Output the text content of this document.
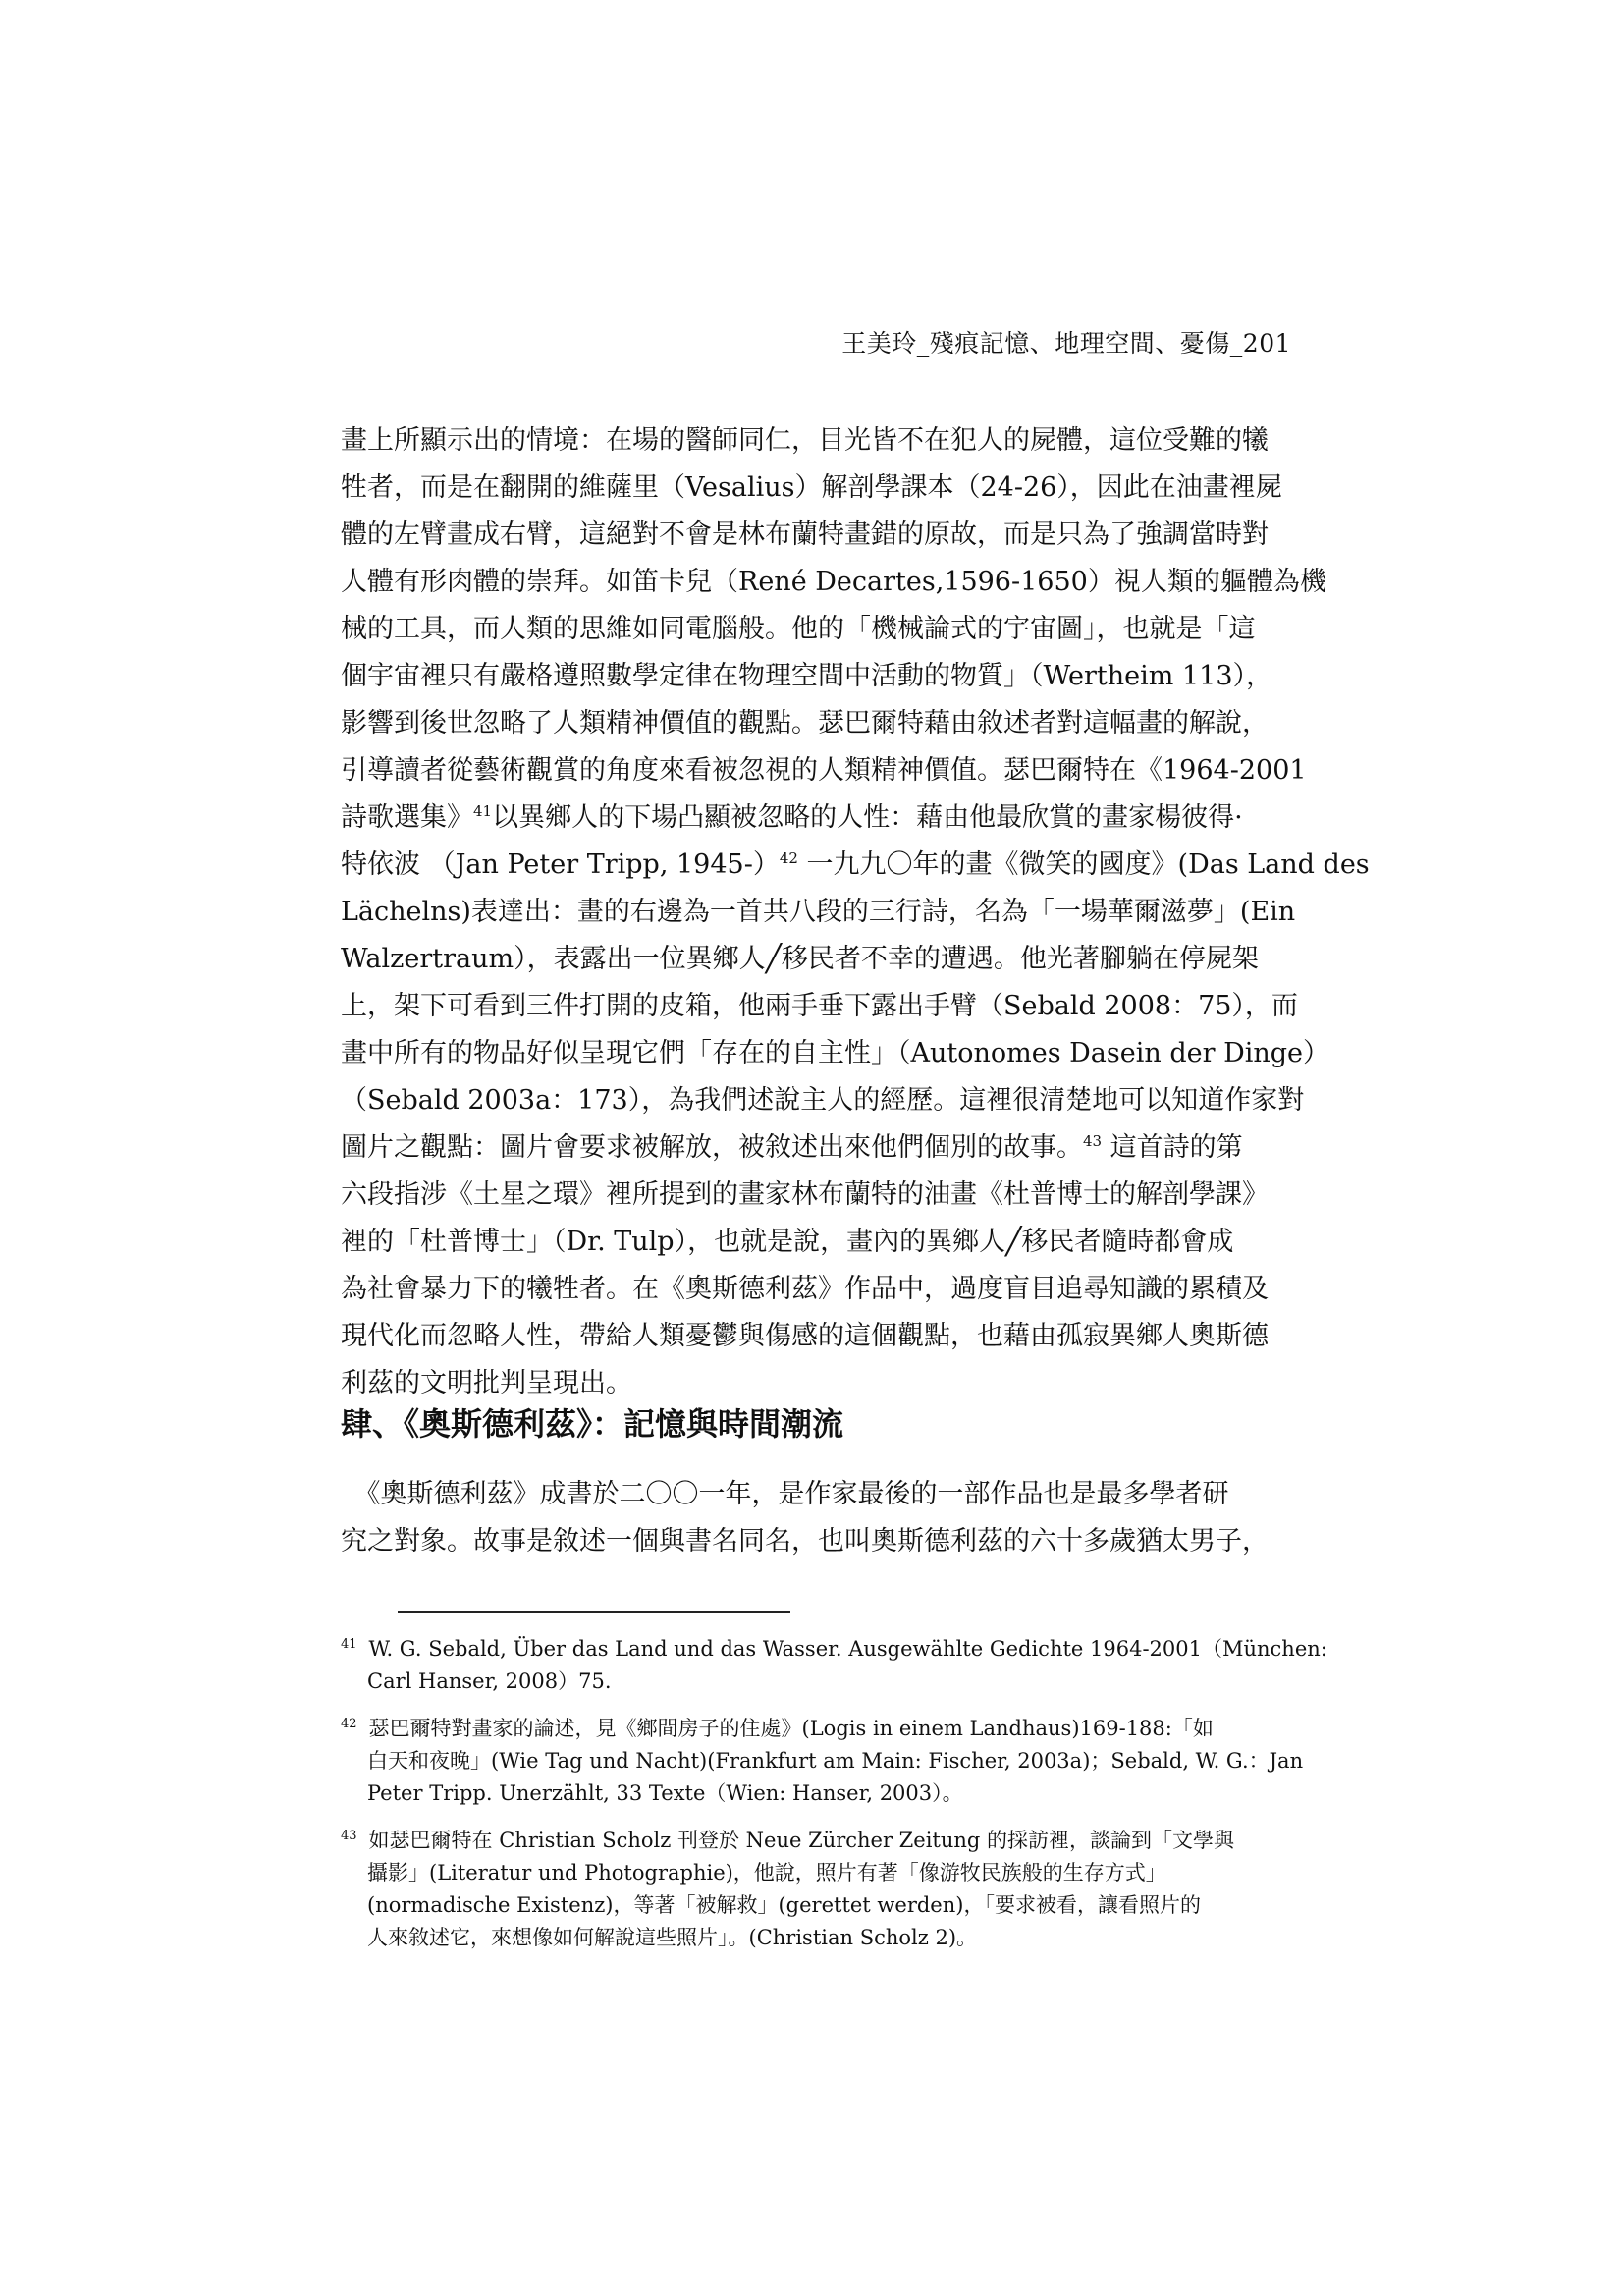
王美玲_殘痕記憶、地理空間、憂傷_201
畫上所顯示出的情境：在場的醫師同仁，目光皆不在犯人的屍體，這位受難的犧
牲者，而是在翻開的維薩里（Vesalius）解剖學課本（24-26），因此在油畫裡屍
體的左臂畫成右臂，這絕對不會是林布蘭特畫錯的原故，而是只為了強調當時對
人體有形肉體的崇拜。如笛卡兒（René Decartes,1596-1650）視人類的軀體為機
械的工具，而人類的思維如同電腦般。他的「機械論式的宇宙圖」，也就是「這
個宇宙裡只有嚴格遵照數學定律在物理空間中活動的物質」（Wertheim 113），
影響到後世忽略了人類精神價值的觀點。瑟巴爾特藉由敘述者對這幅畫的解說，
引導讀者從藝術觀賞的角度來看被忽視的人類精神價值。瑟巴爾特在《1964-2001
詩歌選集》$^{41}$以異鄉人的下場凸顯被忽略的人性：藉由他最欣賞的畫家楊彼得·
特依波 （Jan Peter Tripp, 1945-）$^{42}$ 一九九〇年的畫《微笑的國度》(Das Land des
Lächelns)表達出：畫的右邊為一首共八段的三行詩，名為「一場華爾滋夢」(Ein
Walzertraum），表露出一位異鄉人╱移民者不幸的遭遇。他光著腳躺在停屍架
上，架下可看到三件打開的皮箱，他兩手垂下露出手臂（Sebald 2008：75），而
畫中所有的物品好似呈現它們「存在的自主性」（Autonomes Dasein der Dinge）
（Sebald 2003a：173），為我們述說主人的經歷。這裡很清楚地可以知道作家對
圖片之觀點：圖片會要求被解放，被敘述出來他們個別的故事。$^{43}$ 這首詩的第
六段指涉《土星之環》裡所提到的畫家林布蘭特的油畫《杜普博士的解剖學課》
裡的「杜普博士」（Dr. Tulp），也就是說，畫內的異鄉人╱移民者隨時都會成
為社會暴力下的犧牲者。在《奧斯德利茲》作品中，過度盲目追尋知識的累積及
現代化而忽略人性，帶給人類憂鬱與傷感的這個觀點，也藉由孤寂異鄉人奧斯德
利茲的文明批判呈現出。
肆、《奧斯德利茲》：記憶與時間潮流
　《奧斯德利茲》成書於二〇〇一年，是作家最後的一部作品也是最多學者研
究之對象。故事是敘述一個與書名同名，也叫奧斯德利茲的六十多歲猶太男子，
$^{41}$ W. G. Sebald, Über das Land und das Wasser. Ausgewählte Gedichte 1964-2001（München:
Carl Hanser, 2008）75.
$^{42}$ 瑟巴爾特對畫家的論述，見《鄉間房子的住處》(Logis in einem Landhaus)169-188:「如
白天和夜晚」(Wie Tag und Nacht)(Frankfurt am Main: Fischer, 2003a)；Sebald, W. G.：Jan
Peter Tripp. Unerzählt, 33 Texte（Wien: Hanser, 2003）。
$^{43}$ 如瑟巴爾特在 Christian Scholz 刊登於 Neue Zürcher Zeitung 的採訪裡，談論到「文學與
攝影」(Literatur und Photographie)，他說，照片有著「像游牧民族般的生存方式」
(normadische Existenz)，等著「被解救」(gerettet werden)，「要求被看，讓看照片的
人來敘述它，來想像如何解說這些照片」。(Christian Scholz 2)。
